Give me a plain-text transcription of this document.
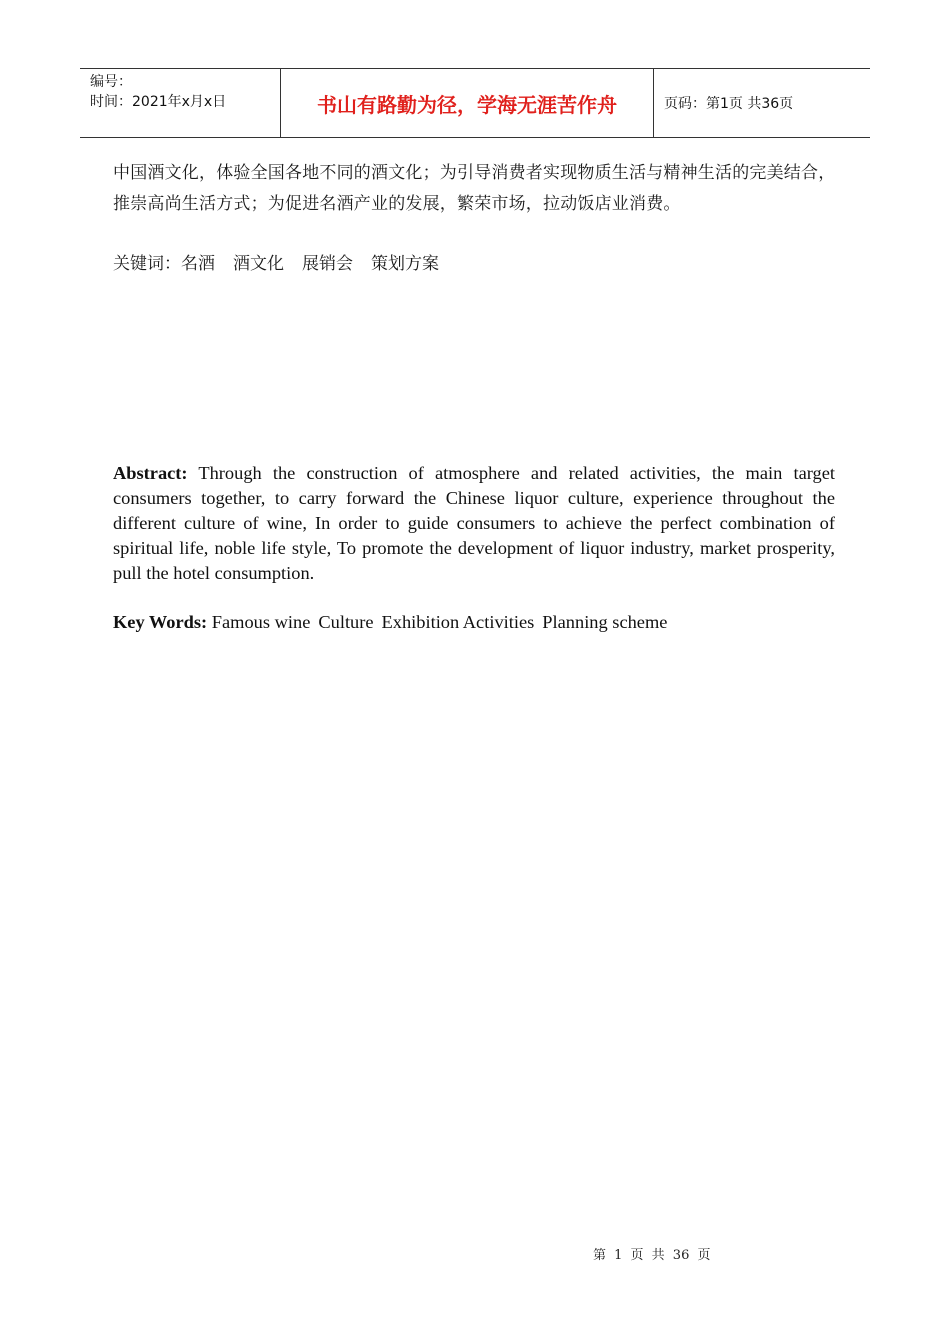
编号：
时间：2021年x月x日	书山有路勤为径，学海无涯苦作舟	页码：第1页 共36页
中国酒文化，体验全国各地不同的酒文化；为引导消费者实现物质生活与精神生活的完美结合，推崇高尚生活方式；为促进名酒产业的发展，繁荣市场，拉动饭店业消费。
关键词：名酒 酒文化 展销会 策划方案
Abstract: Through the construction of atmosphere and related activities, the main target consumers together, to carry forward the Chinese liquor culture, experience throughout the different culture of wine, In order to guide consumers to achieve the perfect combination of spiritual life, noble life style, To promote the development of liquor industry, market prosperity, pull the hotel consumption.
Key Words: Famous wine Culture Exhibition Activities Planning scheme
第 1 页 共 36 页
